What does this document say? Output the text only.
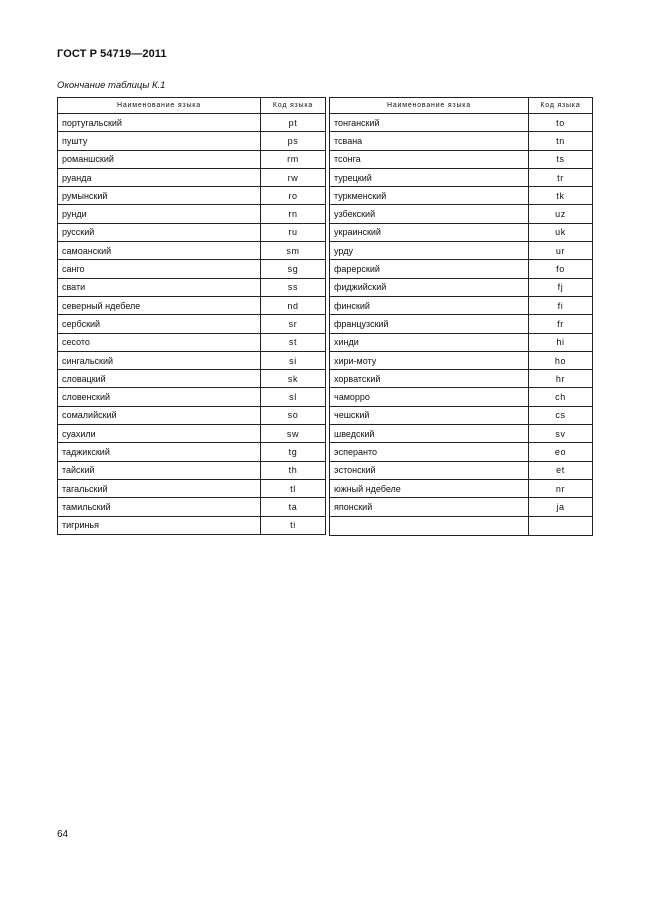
ГОСТ Р 54719—2011
Окончание таблицы К.1
Наименование языка	Код языка
португальский	pt
пушту	ps
романшский	rm
руанда	rw
румынский	ro
рунди	rn
русский	ru
самоанский	sm
санго	sg
свати	ss
северный ндебеле	nd
сербский	sr
сесото	st
сингальский	si
словацкий	sk
словенский	sl
сомалийский	so
суахили	sw
таджикский	tg
тайский	th
тагальский	tl
тамильский	ta
тигринья	ti
Наименование языка	Код языка
тонганский	to
тсвана	tn
тсонга	ts
турецкий	tr
туркменский	tk
узбекский	uz
украинский	uk
урду	ur
фарерский	fo
фиджийский	fj
финский	fi
французский	fr
хинди	hi
хири-моту	ho
хорватский	hr
чаморро	ch
чешский	cs
шведский	sv
эсперанто	eo
эстонский	et
южный ндебеле	nr
японский	ja

64
